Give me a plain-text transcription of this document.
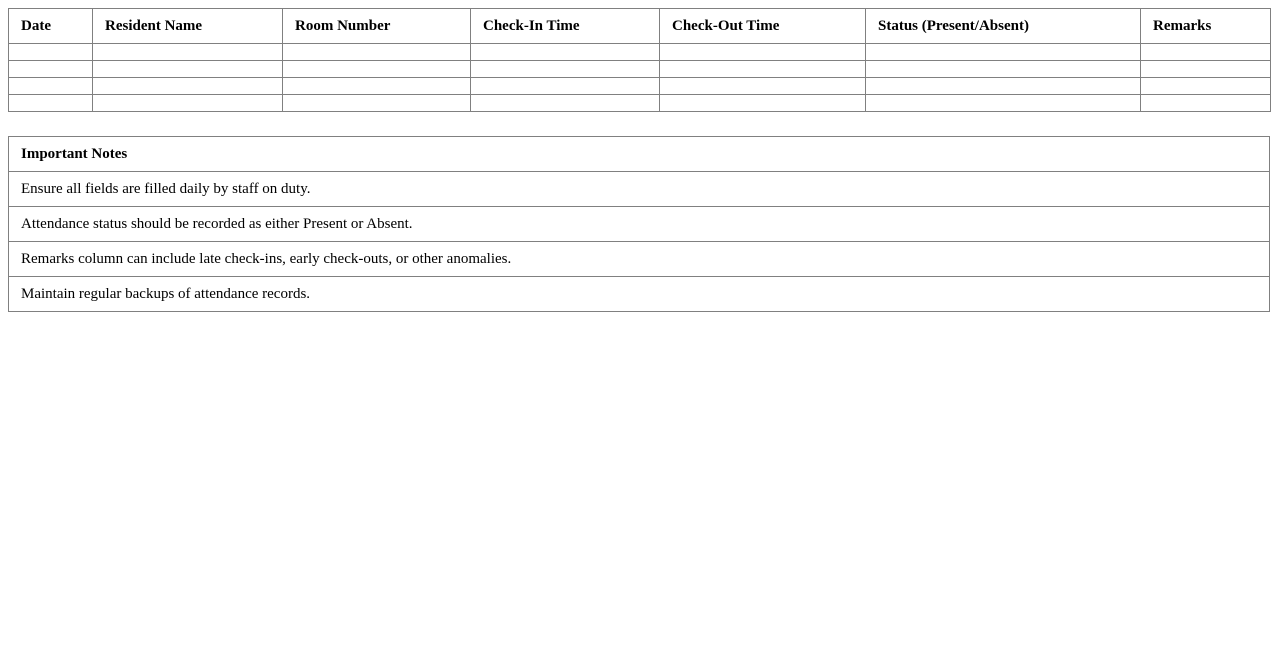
Date	Resident Name	Room Number	Check-In Time	Check-Out Time	Status (Present/Absent)	Remarks

Important Notes
Ensure all fields are filled daily by staff on duty.
Attendance status should be recorded as either Present or Absent.
Remarks column can include late check-ins, early check-outs, or other anomalies.
Maintain regular backups of attendance records.
